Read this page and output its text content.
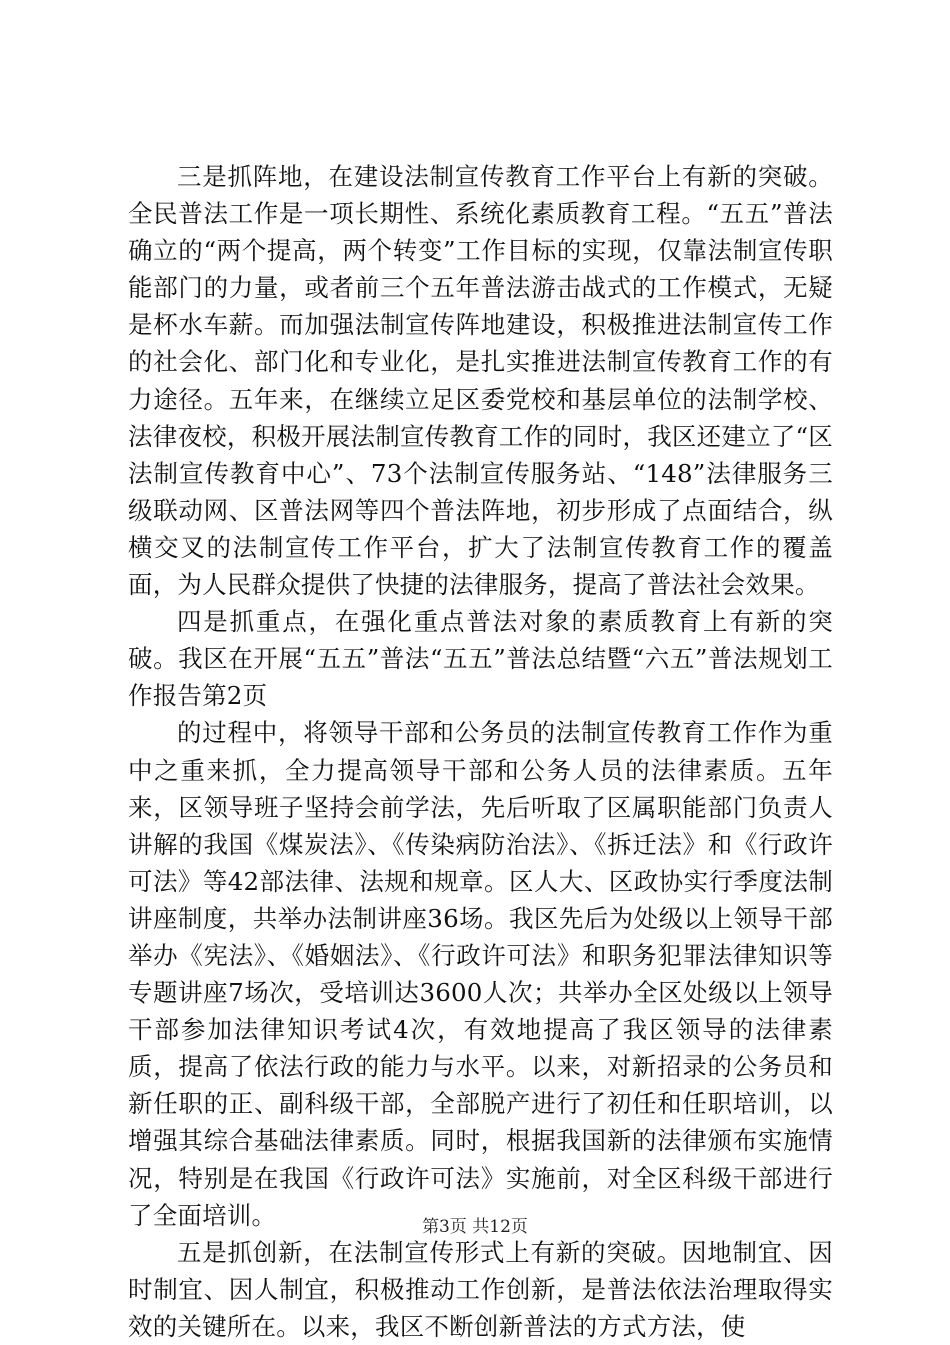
三是抓阵地，在建设法制宣传教育工作平台上有新的突破。全民普法工作是一项长期性、系统化素质教育工程。“五五”普法确立的“两个提高，两个转变”工作目标的实现，仅靠法制宣传职能部门的力量，或者前三个五年普法游击战式的工作模式，无疑是杯水车薪。而加强法制宣传阵地建设，积极推进法制宣传工作的社会化、部门化和专业化，是扎实推进法制宣传教育工作的有力途径。五年来，在继续立足区委党校和基层单位的法制学校、法律夜校，积极开展法制宣传教育工作的同时，我区还建立了“区法制宣传教育中心”、73个法制宣传服务站、“148”法律服务三级联动网、区普法网等四个普法阵地，初步形成了点面结合，纵横交叉的法制宣传工作平台，扩大了法制宣传教育工作的覆盖面，为人民群众提供了快捷的法律服务，提高了普法社会效果。

四是抓重点，在强化重点普法对象的素质教育上有新的突破。我区在开展“五五”普法“五五”普法总结暨“六五”普法规划工作报告第2页

的过程中，将领导干部和公务员的法制宣传教育工作作为重中之重来抓，全力提高领导干部和公务人员的法律素质。五年来，区领导班子坚持会前学法，先后听取了区属职能部门负责人讲解的我国《煤炭法》、《传染病防治法》、《拆迁法》和《行政许可法》等42部法律、法规和规章。区人大、区政协实行季度法制讲座制度，共举办法制讲座36场。我区先后为处级以上领导干部举办《宪法》、《婚姻法》、《行政许可法》和职务犯罪法律知识等专题讲座7场次，受培训达3600人次；共举办全区处级以上领导干部参加法律知识考试4次，有效地提高了我区领导的法律素质，提高了依法行政的能力与水平。以来，对新招录的公务员和新任职的正、副科级干部，全部脱产进行了初任和任职培训，以增强其综合基础法律素质。同时，根据我国新的法律颁布实施情况，特别是在我国《行政许可法》实施前，对全区科级干部进行了全面培训。

五是抓创新，在法制宣传形式上有新的突破。因地制宜、因时制宜、因人制宜，积极推动工作创新，是普法依法治理取得实效的关键所在。以来，我区不断创新普法的方式方法，使

第3页 共12页
